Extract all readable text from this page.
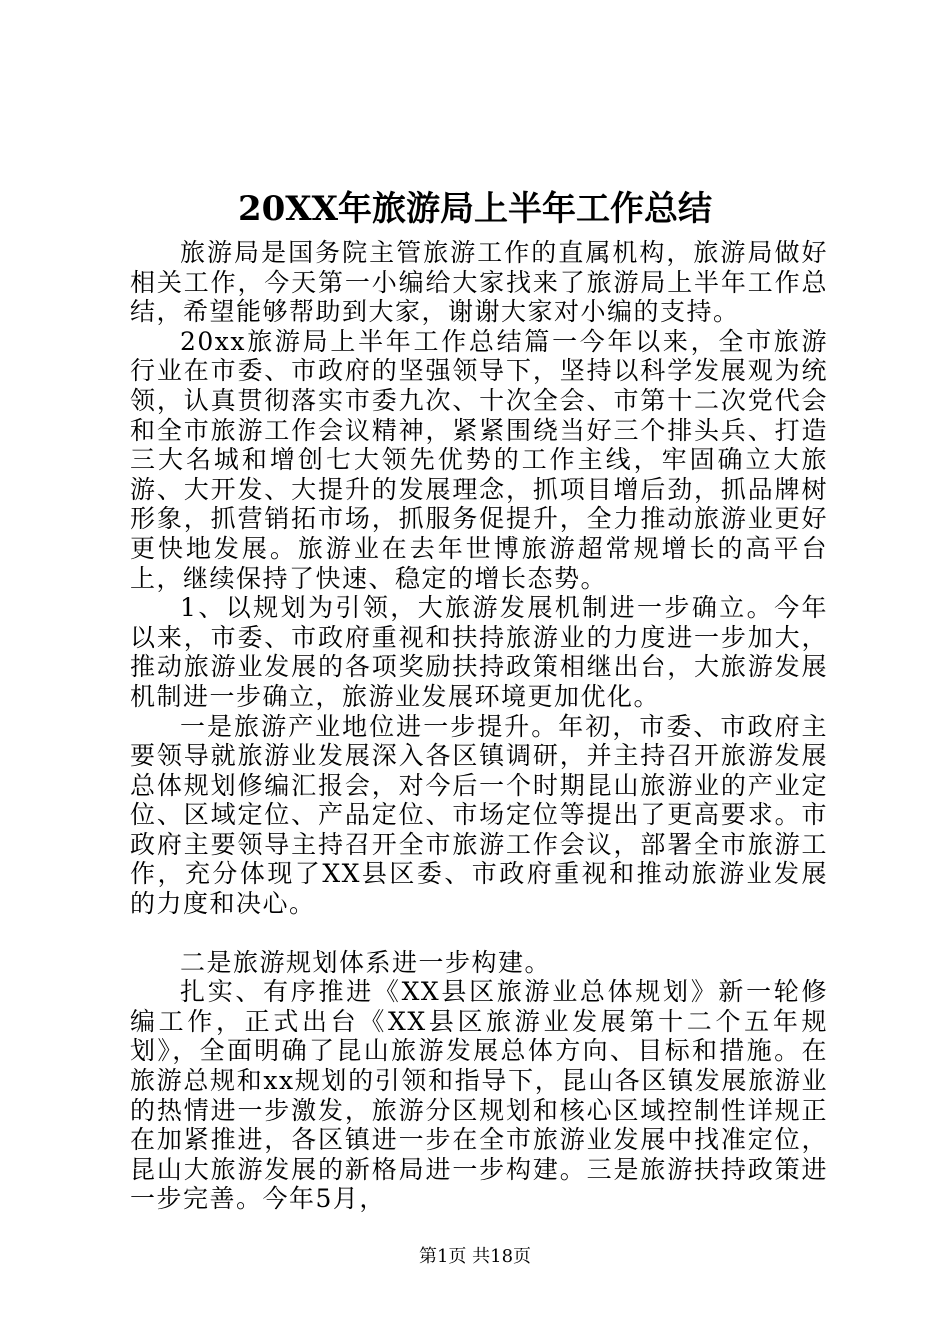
20XX年旅游局上半年工作总结

旅游局是国务院主管旅游工作的直属机构，旅游局做好相关工作，今天第一小编给大家找来了旅游局上半年工作总结，希望能够帮助到大家，谢谢大家对小编的支持。

20xx旅游局上半年工作总结篇一今年以来，全市旅游行业在市委、市政府的坚强领导下，坚持以科学发展观为统领，认真贯彻落实市委九次、十次全会、市第十二次党代会和全市旅游工作会议精神，紧紧围绕当好三个排头兵、打造三大名城和增创七大领先优势的工作主线，牢固确立大旅游、大开发、大提升的发展理念，抓项目增后劲，抓品牌树形象，抓营销拓市场，抓服务促提升，全力推动旅游业更好更快地发展。旅游业在去年世博旅游超常规增长的高平台上，继续保持了快速、稳定的增长态势。

1、以规划为引领，大旅游发展机制进一步确立。今年以来，市委、市政府重视和扶持旅游业的力度进一步加大，推动旅游业发展的各项奖励扶持政策相继出台，大旅游发展机制进一步确立，旅游业发展环境更加优化。

一是旅游产业地位进一步提升。年初，市委、市政府主要领导就旅游业发展深入各区镇调研，并主持召开旅游发展总体规划修编汇报会，对今后一个时期昆山旅游业的产业定位、区域定位、产品定位、市场定位等提出了更高要求。市政府主要领导主持召开全市旅游工作会议，部署全市旅游工作，充分体现了XX县区委、市政府重视和推动旅游业发展的力度和决心。

二是旅游规划体系进一步构建。

扎实、有序推进《XX县区旅游业总体规划》新一轮修编工作，正式出台《XX县区旅游业发展第十二个五年规划》，全面明确了昆山旅游发展总体方向、目标和措施。在旅游总规和xx规划的引领和指导下，昆山各区镇发展旅游业的热情进一步激发，旅游分区规划和核心区域控制性详规正在加紧推进，各区镇进一步在全市旅游业发展中找准定位，昆山大旅游发展的新格局进一步构建。三是旅游扶持政策进一步完善。今年5月，

第1页 共18页
